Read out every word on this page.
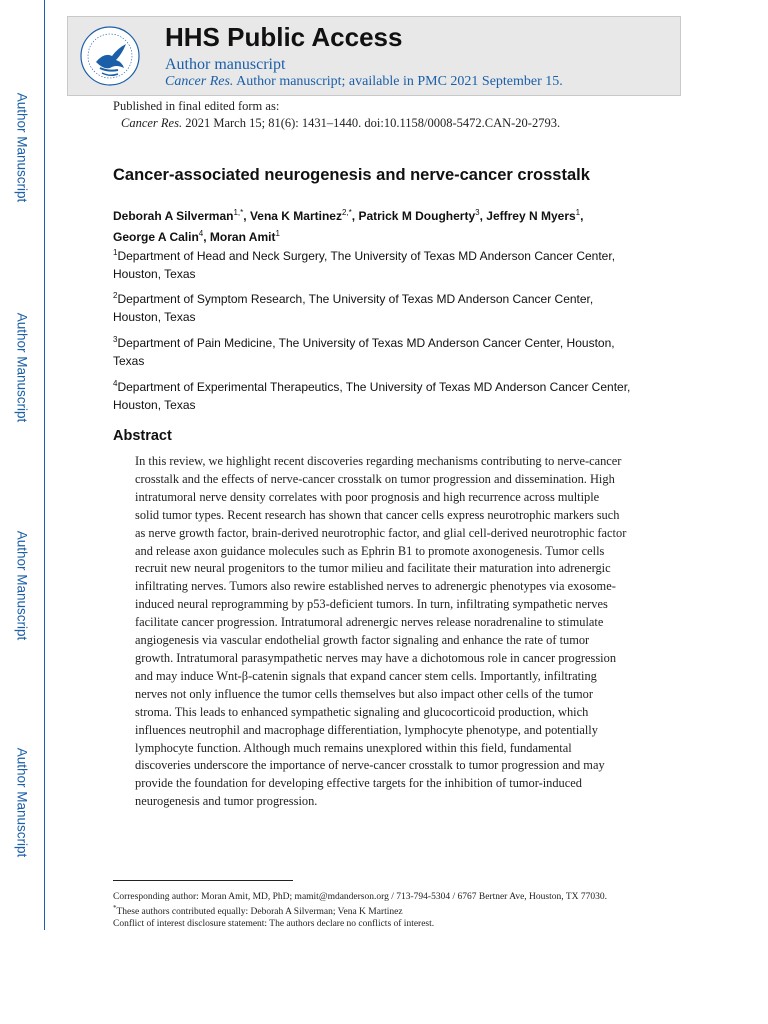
Author Manuscript
Author Manuscript
Author Manuscript
Author Manuscript
HHS Public Access
Author manuscript
Cancer Res. Author manuscript; available in PMC 2021 September 15.
Published in final edited form as:
Cancer Res. 2021 March 15; 81(6): 1431–1440. doi:10.1158/0008-5472.CAN-20-2793.
Cancer-associated neurogenesis and nerve-cancer crosstalk
Deborah A Silverman$^{1,*}$, Vena K Martinez$^{2,*}$, Patrick M Dougherty$^3$, Jeffrey N Myers$^1$,
George A Calin$^4$, Moran Amit$^1$
$^1$Department of Head and Neck Surgery, The University of Texas MD Anderson Cancer Center, Houston, Texas
$^2$Department of Symptom Research, The University of Texas MD Anderson Cancer Center, Houston, Texas
$^3$Department of Pain Medicine, The University of Texas MD Anderson Cancer Center, Houston, Texas
$^4$Department of Experimental Therapeutics, The University of Texas MD Anderson Cancer Center, Houston, Texas
Abstract
In this review, we highlight recent discoveries regarding mechanisms contributing to nerve-cancer
crosstalk and the effects of nerve-cancer crosstalk on tumor progression and dissemination. High
intratumoral nerve density correlates with poor prognosis and high recurrence across multiple
solid tumor types. Recent research has shown that cancer cells express neurotrophic markers such
as nerve growth factor, brain-derived neurotrophic factor, and glial cell-derived neurotrophic factor
and release axon guidance molecules such as Ephrin B1 to promote axonogenesis. Tumor cells
recruit new neural progenitors to the tumor milieu and facilitate their maturation into adrenergic
infiltrating nerves. Tumors also rewire established nerves to adrenergic phenotypes via exosome-
induced neural reprogramming by p53-deficient tumors. In turn, infiltrating sympathetic nerves
facilitate cancer progression. Intratumoral adrenergic nerves release noradrenaline to stimulate
angiogenesis via vascular endothelial growth factor signaling and enhance the rate of tumor
growth. Intratumoral parasympathetic nerves may have a dichotomous role in cancer progression
and may induce Wnt-β-catenin signals that expand cancer stem cells. Importantly, infiltrating
nerves not only influence the tumor cells themselves but also impact other cells of the tumor
stroma. This leads to enhanced sympathetic signaling and glucocorticoid production, which
influences neutrophil and macrophage differentiation, lymphocyte phenotype, and potentially
lymphocyte function. Although much remains unexplored within this field, fundamental
discoveries underscore the importance of nerve-cancer crosstalk to tumor progression and may
provide the foundation for developing effective targets for the inhibition of tumor-induced
neurogenesis and tumor progression.
Corresponding author: Moran Amit, MD, PhD; mamit@mdanderson.org / 713-794-5304 / 6767 Bertner Ave, Houston, TX 77030.
*These authors contributed equally: Deborah A Silverman; Vena K Martinez
Conflict of interest disclosure statement: The authors declare no conflicts of interest.
